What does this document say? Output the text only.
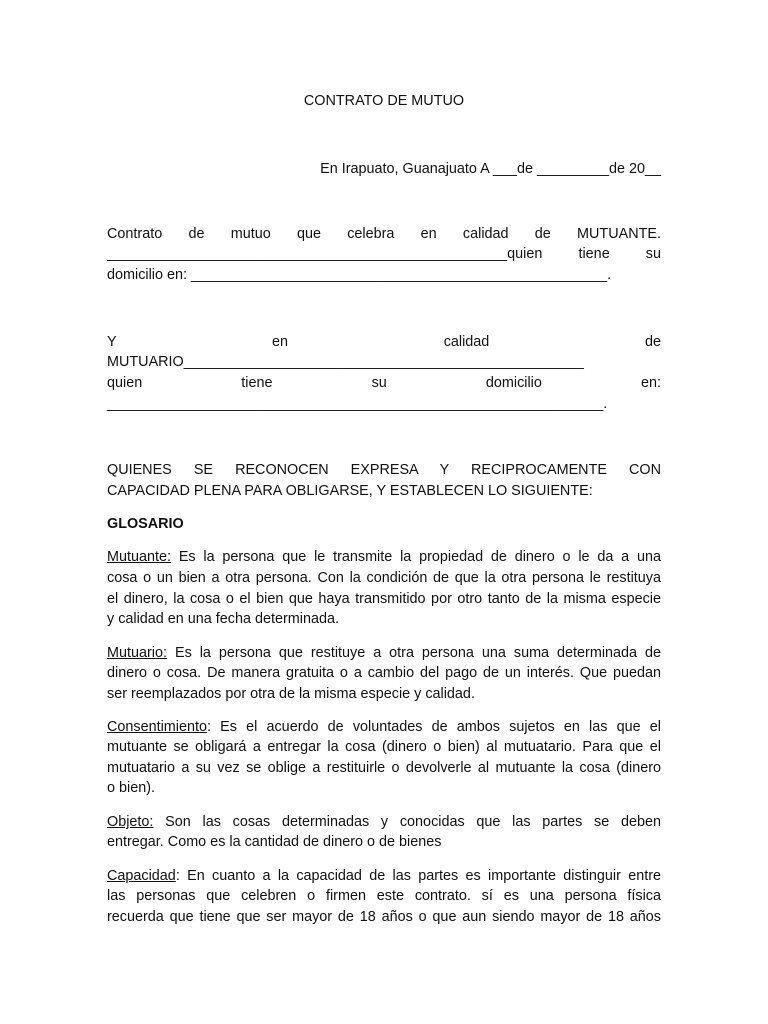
CONTRATO DE MUTUO

En Irapuato, Guanajuato A ___de _________de 20__

Contrato de mutuo que celebra en calidad de MUTUANTE.
__________________________________________________quien tiene su
domicilio en: ____________________________________________________.
Y en calidad de
MUTUARIO__________________________________________________
quien tiene su domicilio en:
______________________________________________________________.
QUIENES SE RECONOCEN EXPRESA Y RECIPROCAMENTE CON
CAPACIDAD PLENA PARA OBLIGARSE, Y ESTABLECEN LO SIGUIENTE:
GLOSARIO
Mutuante: Es la persona que le transmite la propiedad de dinero o le da a una
cosa o un bien a otra persona. Con la condición de que la otra persona le restituya
el dinero, la cosa o el bien que haya transmitido por otro tanto de la misma especie
y calidad en una fecha determinada.
Mutuario: Es la persona que restituye a otra persona una suma determinada de
dinero o cosa. De manera gratuita o a cambio del pago de un interés. Que puedan
ser reemplazados por otra de la misma especie y calidad.
Consentimiento: Es el acuerdo de voluntades de ambos sujetos en las que el
mutuante se obligará a entregar la cosa (dinero o bien) al mutuatario. Para que el
mutuatario a su vez se oblige a restituirle o devolverle al mutuante la cosa (dinero
o bien).
Objeto: Son las cosas determinadas y conocidas que las partes se deben
entregar. Como es la cantidad de dinero o de bienes
Capacidad: En cuanto a la capacidad de las partes es importante distinguir entre
las personas que celebren o firmen este contrato. sí es una persona física
recuerda que tiene que ser mayor de 18 años o que aun siendo mayor de 18 años
